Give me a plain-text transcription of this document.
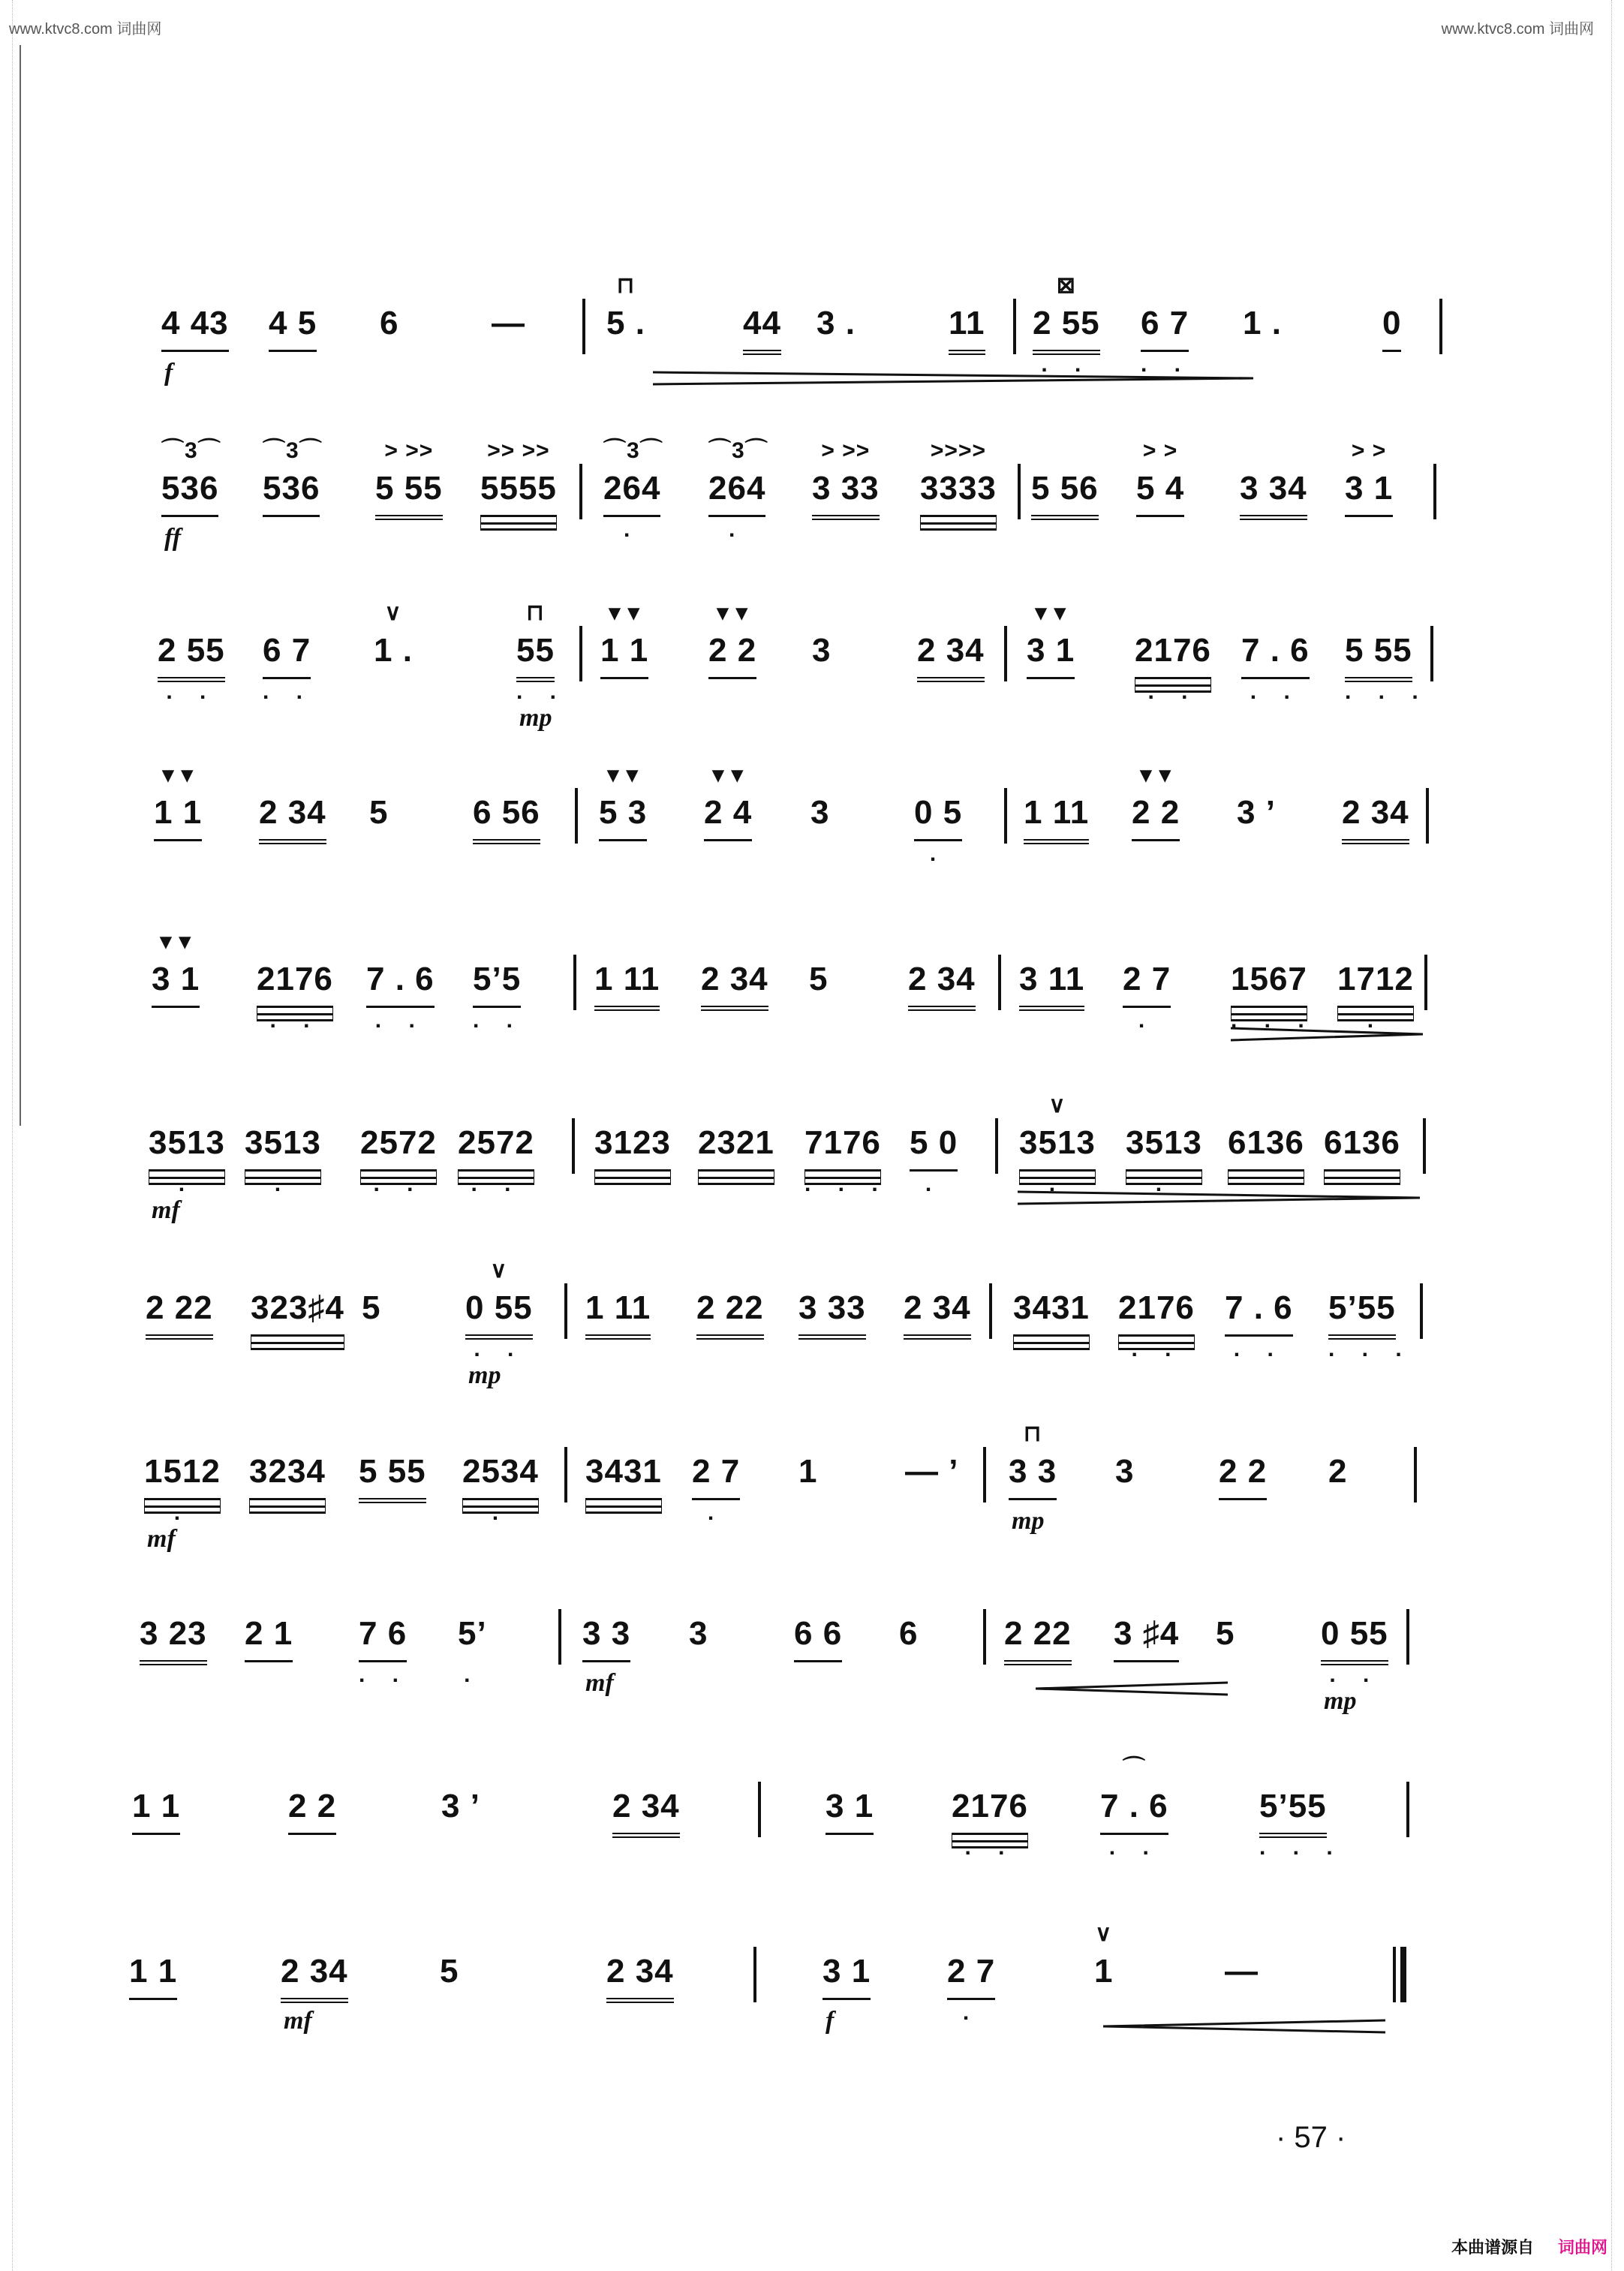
www.ktvc8.com 词曲网	www.ktvc8.com 词曲网
4 43
f
4 5 6	— 5 .
⊓
44 3 .	11 2 55
⊠
. .
6 7
. .
1 .	0
536
⌒3⌒
ff
536
⌒3⌒
5 55
> >>
5555
>> >>
264
⌒3⌒
.
264
⌒3⌒
.
3 33
> >>
3333
>>>>
5 56 5 4
> >
3 34 3 1
> >
2 55
. .
6 7
. .
1 .
∨
55
⊓
. .
mp
1 1
▾ ▾
2 2
▾ ▾
3	2 34 3 1
▾ ▾
2176
. .
7 . 6
. .
5 55
. . .
1 1
▾ ▾
2 34 5	6 56 5 3
▾ ▾
2 4
▾ ▾
3	0 5
.
1 11 2 2
▾ ▾
3 ’ 2 34
3 1
▾ ▾
2176
. .
7 . 6
. .
5’5
. .
1 11 2 34 5 2 34 3 11 2 7
.
1567
. . .
1712
.
3513
.
mf
3513
.
2572
. .
2572
. .
3123 2321 7176
. . .
5 0
.
3513
∨
.
3513
.
6136 6136
2 22 323♯4 5	0 55
∨
. .
mp
1 11 2 22 3 33 2 34 3431 2176
. .
7 . 6
. .
5’55
. . .
1512
.
mf
3234 5 55 2534
.
3431 2 7
.
1	— ’ 3 3
⊓
mp
3	2 2 2
3 23 2 1 7 6
. .
5’
.
3 3
mf
3	6 6 6	2 22 3 ♯4 5	0 55
. .
mp
1 1	2 2	3 ’	2 34	3 1 2176
. .
7 . 6
⌒
. .
5’55
. . .
1 1	2 34
mf
5	2 34	3 1
f
2 7
.
1
∨
—
· 57 ·
本曲谱源自 词曲网
